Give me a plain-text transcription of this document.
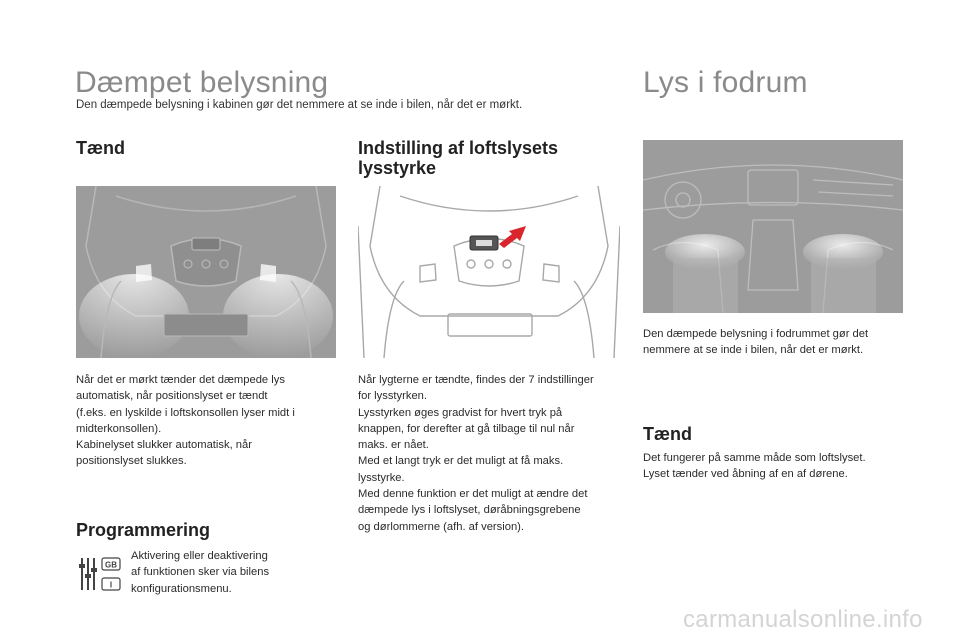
Dæmpet belysning	Lys i fodrum

Den dæmpede belysning i kabinen gør det nemmere at se inde i bilen, når det er mørkt.

Tænd

Når det er mørkt tænder det dæmpede lys

automatisk, når positionslyset er tændt

(f.eks. en lyskilde i loftskonsollen lyser midt i

midterkonsollen).

Kabinelyset slukker automatisk, når

positionslyset slukkes.

Programmering
GB
I

Aktivering eller deaktivering

af funktionen sker via bilens

konfigurationsmenu.

Indstilling af loftslysets
lysstyrke

Når lygterne er tændte, findes der 7 indstillinger

for lysstyrken.

Lysstyrken øges gradvist for hvert tryk på

knappen, for derefter at gå tilbage til nul når

maks. er nået.

Med et langt tryk er det muligt at få maks.

lysstyrke.

Med denne funktion er det muligt at ændre det

dæmpede lys i loftslyset, døråbningsgrebene

og dørlommerne (afh. af version).

Den dæmpede belysning i fodrummet gør det

nemmere at se inde i bilen, når det er mørkt.

Tænd

Det fungerer på samme måde som loftslyset.

Lyset tænder ved åbning af en af dørene.

carmanualsonline.info
